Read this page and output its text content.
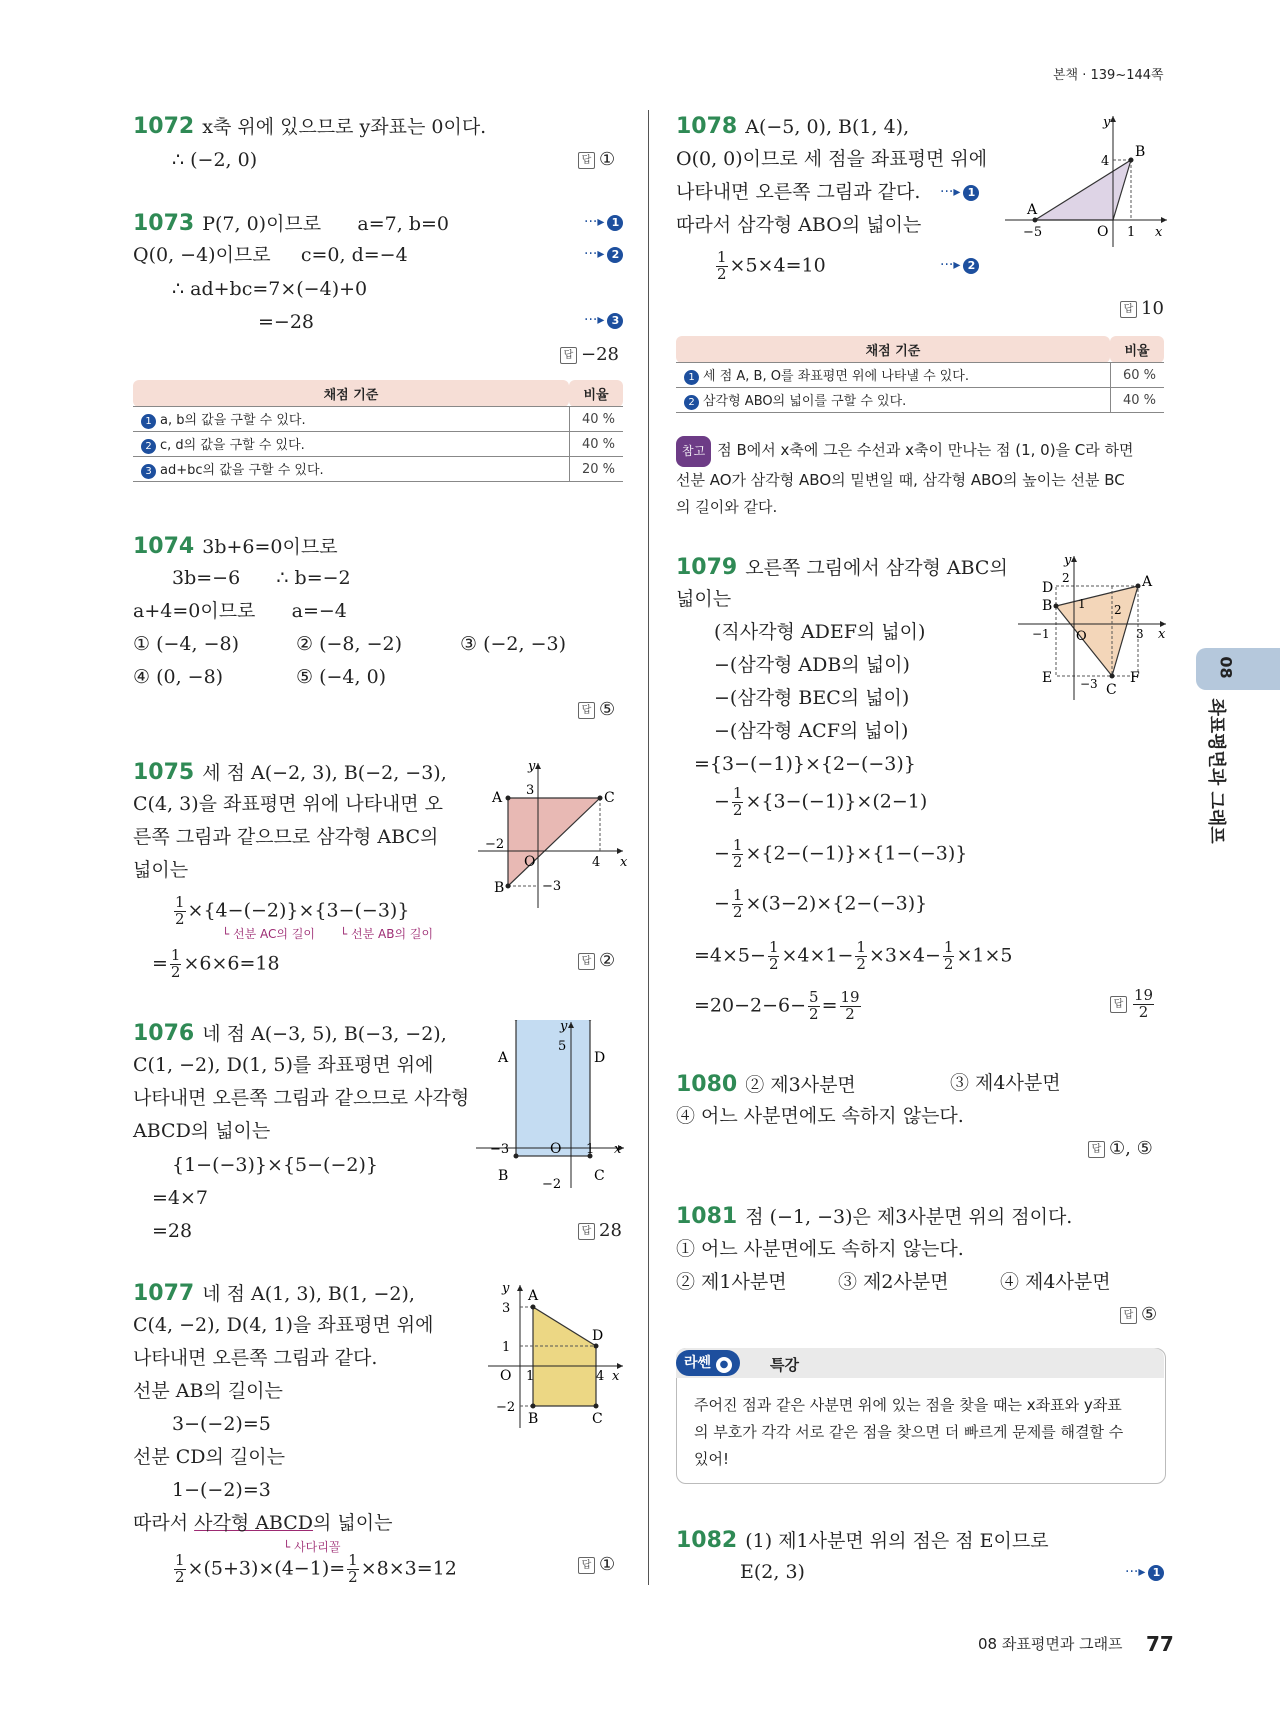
본책 · 139~144쪽
1072 x축 위에 있으므로 y좌표는 0이다.
∴ (−2, 0)	답 ①
1073 P(7, 0)이므로      a=7, b=0	···▸ 1
Q(0, −4)이므로     c=0, d=−4	···▸ 2
∴ ad+bc=7×(−4)+0
=−28	···▸ 3
답 −28
채점 기준	비율
1 a, b의 값을 구할 수 있다.	40 %
2 c, d의 값을 구할 수 있다.	40 %
3 ad+bc의 값을 구할 수 있다.	20 %
1074 3b+6=0이므로
3b=−6      ∴ b=−2
a+4=0이므로      a=−4
① (−4, −8)	② (−8, −2)	③ (−2, −3)
④ (0, −8)	⑤ (−4, 0)
답 ⑤
1075 세 점 A(−2, 3), B(−2, −3),
C(4, 3)을 좌표평면 위에 나타내면 오
른쪽 그림과 같으므로 삼각형 ABC의
넓이는
$\frac{1}{2} \times\{4-(-2)\}\times\{3-(-3)\}$
└ 선분 AC의 길이 └ 선분 AB의 길이
= $\frac{1}{2} \times 6\times 6=18$	답 ②
A
B
C
3
−2
O	4
−3
x
y
1076 네 점 A(−3, 5), B(−3, −2),
C(1, −2), D(1, 5)를 좌표평면 위에
나타내면 오른쪽 그림과 같으므로 사각형
ABCD의 넓이는
{1−(−3)}×{5−(−2)}
=4×7
=28	답 28
A	D
B	C
5
−3	O 1
−2
x
y
1077 네 점 A(1, 3), B(1, −2),
C(4, −2), D(4, 1)을 좌표평면 위에
나타내면 오른쪽 그림과 같다.
선분 AB의 길이는
3−(−2)=5
선분 CD의 길이는
1−(−2)=3
따라서 사각형 ABCD의 넓이는
└ 사다리꼴
$\frac{1}{2} \times(5+3)\times(4-1)= \frac{1}{2} \times 8\times 3=12$	답 ①
A
D
B	C
3
1
O 1	4
−2
x
y
1078 A(−5, 0), B(1, 4),
O(0, 0)이므로 세 점을 좌표평면 위에
나타내면 오른쪽 그림과 같다. ···▸ 1
따라서 삼각형 ABO의 넓이는
$\frac{1}{2} \times 5\times 4=10$	···▸ 2
답 10
A
B
4
−5	O 1 x
y
채점 기준	비율
1 세 점 A, B, O를 좌표평면 위에 나타낼 수 있다.	60 %
2 삼각형 ABO의 넓이를 구할 수 있다.	40 %
참고 점 B에서 x축에 그은 수선과 x축이 만나는 점 (1, 0)을 C라 하면
선분 AO가 삼각형 ABO의 밑변일 때, 삼각형 ABO의 높이는 선분 BC
의 길이와 같다.
1079 오른쪽 그림에서 삼각형 ABC의
넓이는
(직사각형 ADEF의 넓이)
−(삼각형 ADB의 넓이)
−(삼각형 BEC의 넓이)
−(삼각형 ACF의 넓이)
={3−(−1)}×{2−(−3)}
− $\frac{1}{2} \times\{3-(-1)\}\times(2-1)$
− $\frac{1}{2} \times\{2-(-1)\}\times\{1-(-3)\}$
− $\frac{1}{2} \times(3-2)\times\{2-(-3)\}$
$=4\times 5- \frac{1}{2} \times 4\times 1- \frac{1}{2} \times 3\times 4- \frac{1}{2} \times 1\times 5$
$=20-2-6- \frac{5}{2} = \frac{19}{2}$	답 $\frac{19}{2}$
A
D
B
E	F
C
2
1 2
−1 O	3
−3
x
y
08
좌표평면과 그래프
1080 ② 제3사분면	③ 제4사분면
④ 어느 사분면에도 속하지 않는다.
답 ①, ⑤
1081 점 (−1, −3)은 제3사분면 위의 점이다.
① 어느 사분면에도 속하지 않는다.
② 제1사분면	③ 제2사분면	④ 제4사분면
답 ⑤
라쎈 ●	특강
주어진 점과 같은 사분면 위에 있는 점을 찾을 때는 x좌표와 y좌표
의 부호가 각각 서로 같은 점을 찾으면 더 빠르게 문제를 해결할 수
있어!
1082 (1) 제1사분면 위의 점은 점 E이므로
E(2, 3)	···▸ 1
08 좌표평면과 그래프 77
